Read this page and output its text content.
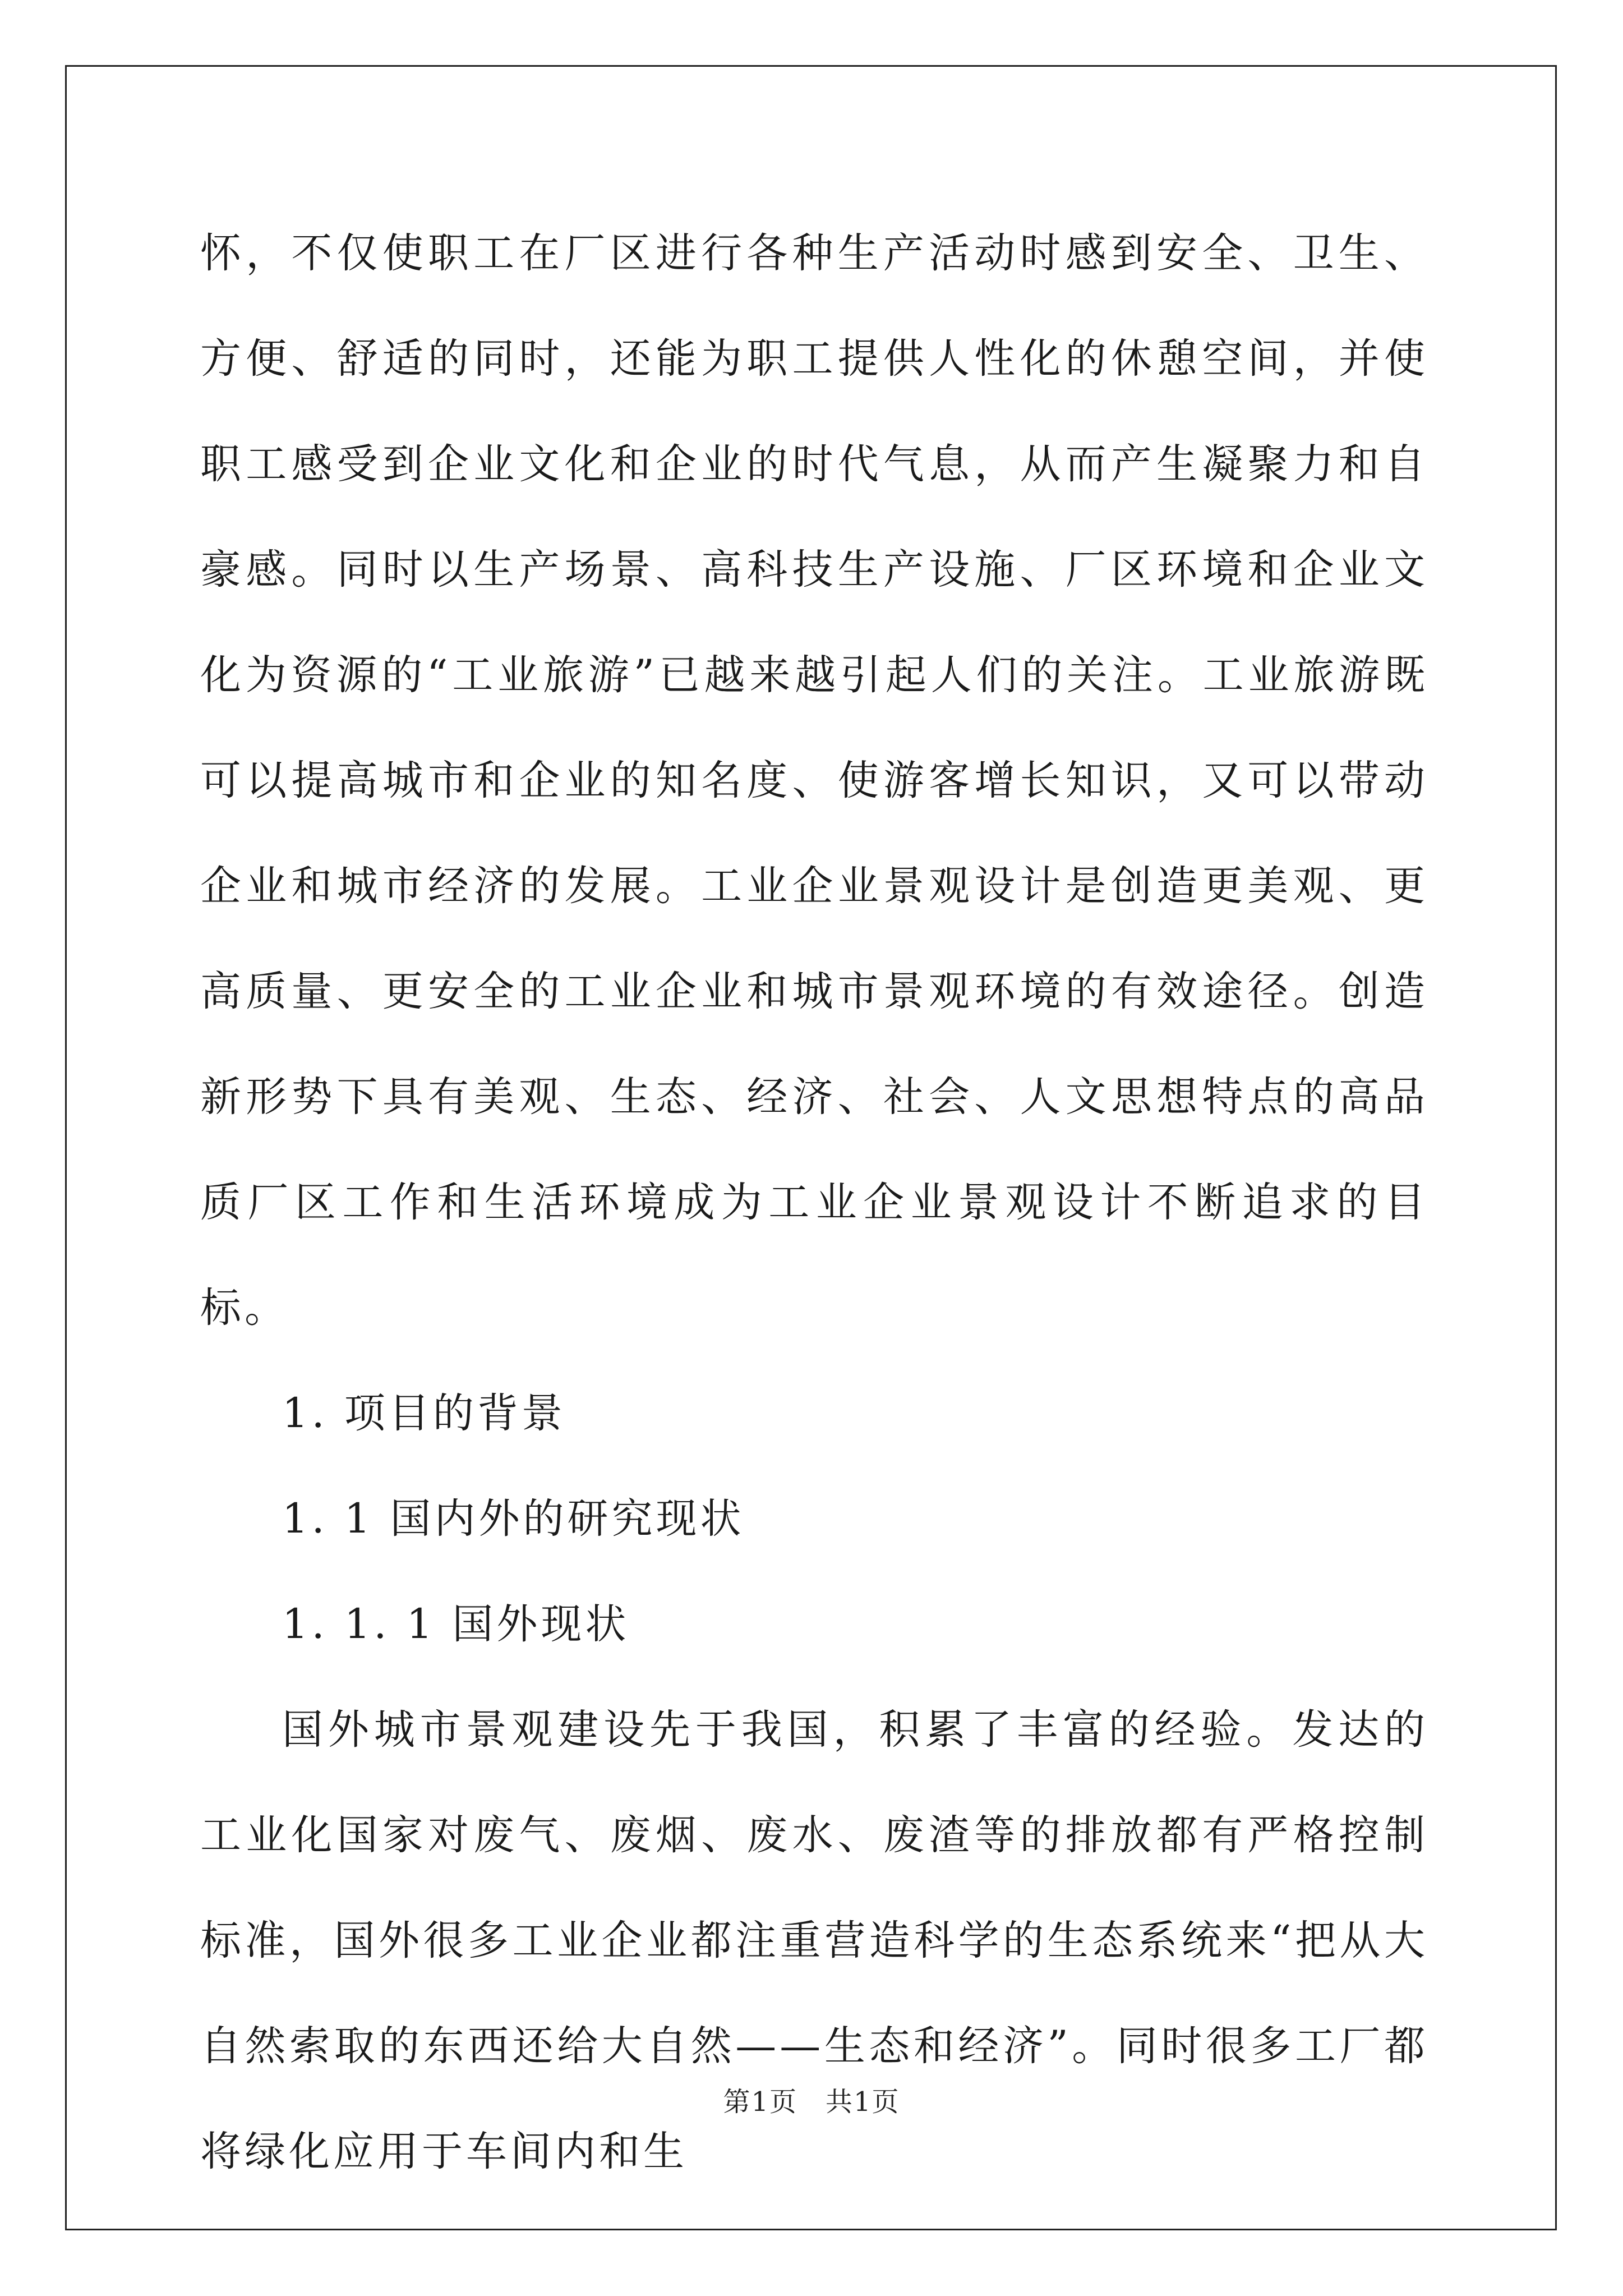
怀，不仅使职工在厂区进行各种生产活动时感到安全、卫生、方便、舒适的同时，还能为职工提供人性化的休憩空间，并使职工感受到企业文化和企业的时代气息，从而产生凝聚力和自豪感。同时以生产场景、高科技生产设施、厂区环境和企业文化为资源的“工业旅游”已越来越引起人们的关注。工业旅游既可以提高城市和企业的知名度、使游客增长知识，又可以带动企业和城市经济的发展。工业企业景观设计是创造更美观、更高质量、更安全的工业企业和城市景观环境的有效途径。创造新形势下具有美观、生态、经济、社会、人文思想特点的高品质厂区工作和生活环境成为工业企业景观设计不断追求的目标。

1. 项目的背景

1. 1 国内外的研究现状

1. 1. 1 国外现状

国外城市景观建设先于我国，积累了丰富的经验。发达的工业化国家对废气、废烟、废水、废渣等的排放都有严格控制标准，国外很多工业企业都注重营造科学的生态系统来“把从大自然索取的东西还给大自然——生态和经济”。同时很多工厂都将绿化应用于车间内和生

第1页　共1页
